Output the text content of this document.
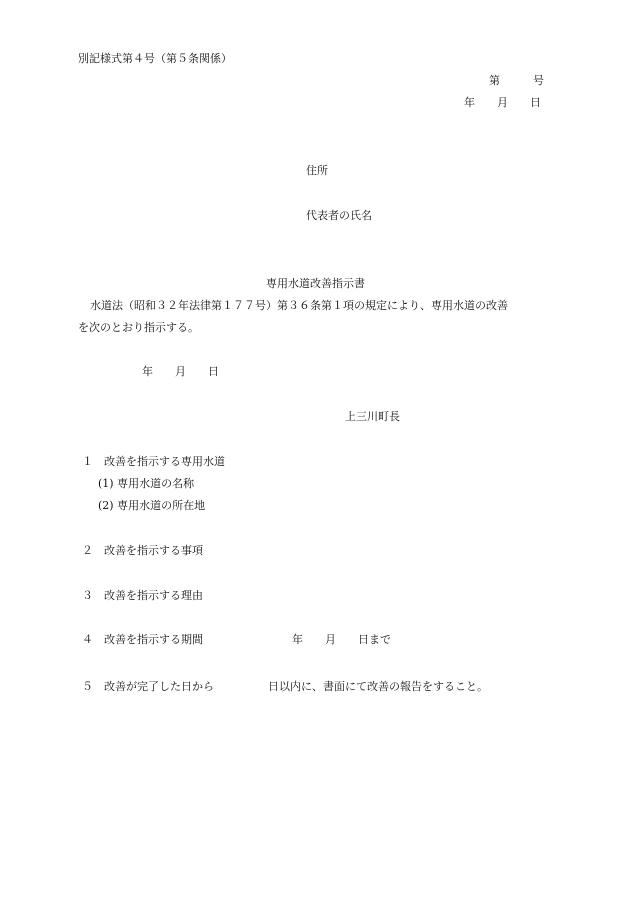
別記様式第４号（第５条関係）
第　　　号
年　　月　　日
住所
代表者の氏名
専用水道改善指示書
水道法（昭和３２年法律第１７７号）第３６条第１項の規定により、専用水道の改善
を次のとおり指示する。
年　　月　　日
上三川町長
１　改善を指示する専用水道
(1) 専用水道の名称
(2) 専用水道の所在地
２　改善を指示する事項
３　改善を指示する理由
４　改善を指示する期間	年　　月　　日まで
５　改善が完了した日から	日以内に、書面にて改善の報告をすること。
